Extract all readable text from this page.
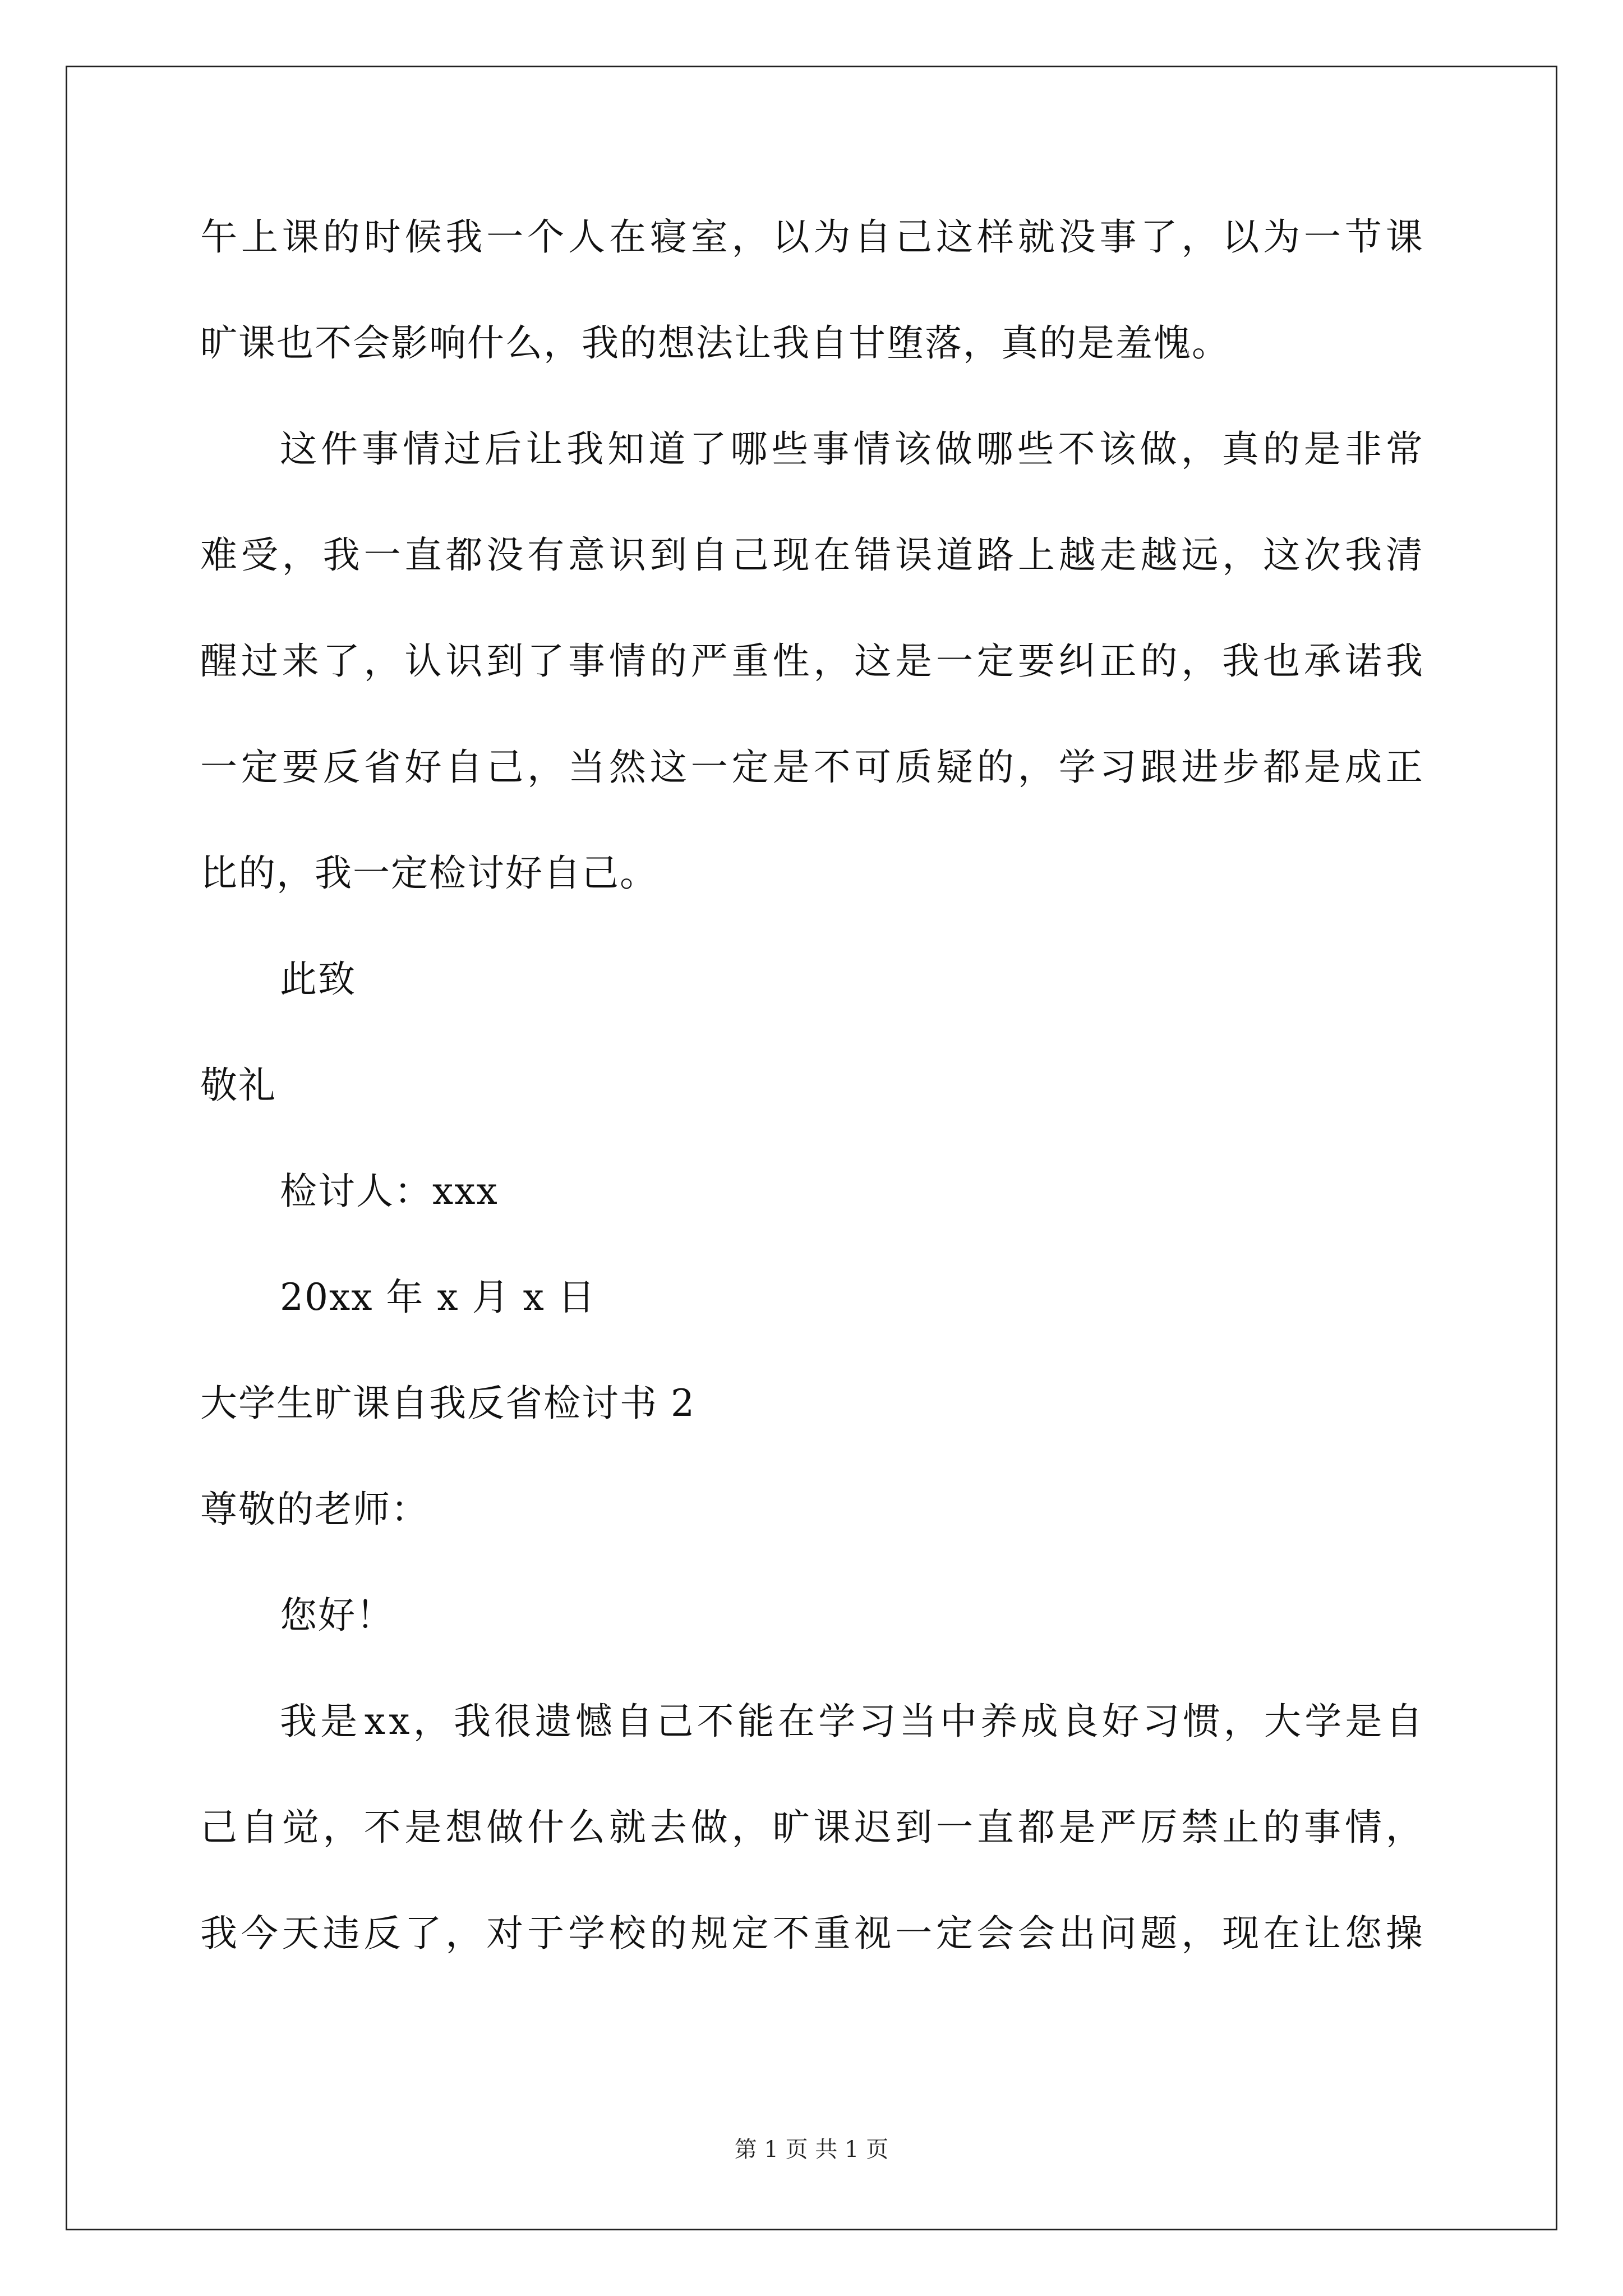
午 上 课 的 时 候 我 一 个 人 在 寝 室 ， 以 为 自 己 这 样 就 没 事 了 ， 以 为 一 节 课
旷课也不会影响什么，我的想法让我自甘堕落，真的是羞愧。
这 件 事 情 过 后 让 我 知 道 了 哪 些 事 情 该 做 哪 些 不 该 做 ， 真 的 是 非 常
难 受 ， 我 一 直 都 没 有 意 识 到 自 己 现 在 错 误 道 路 上 越 走 越 远 ， 这 次 我 清
醒 过 来 了 ， 认 识 到 了 事 情 的 严 重 性 ， 这 是 一 定 要 纠 正 的 ， 我 也 承 诺 我
一 定 要 反 省 好 自 己 ， 当 然 这 一 定 是 不 可 质 疑 的 ， 学 习 跟 进 步 都 是 成 正
比的，我一定检讨好自己。
此致
敬礼
检讨人：xxx
20xx 年 x 月 x 日
大学生旷课自我反省检讨书 2
尊敬的老师：
您好！
我 是 x x ， 我 很 遗 憾 自 己 不 能 在 学 习 当 中 养 成 良 好 习 惯 ， 大 学 是 自
己 自 觉 ， 不 是 想 做 什 么 就 去 做 ， 旷 课 迟 到 一 直 都 是 严 厉 禁 止 的 事 情 ，
我 今 天 违 反 了 ， 对 于 学 校 的 规 定 不 重 视 一 定 会 会 出 问 题 ， 现 在 让 您 操
第 1 页 共 1 页
